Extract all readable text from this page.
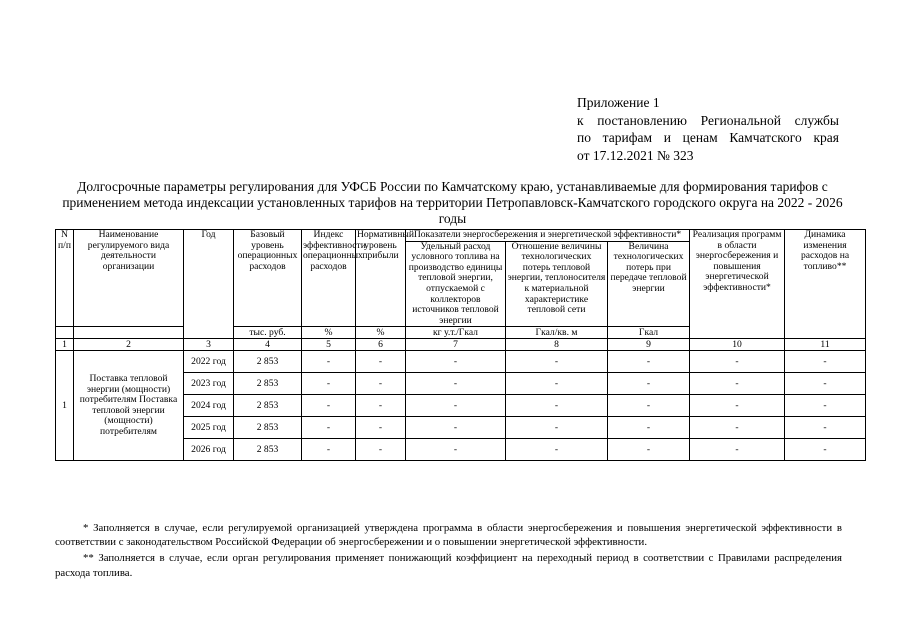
Приложение 1
к постановлению Региональной службы
по тарифам и ценам Камчатского края
от 17.12.2021 № 323
Долгосрочные параметры регулирования для УФСБ России по Камчатскому краю, устанавливаемые для формирования тарифов с применением метода индексации установленных тарифов на территории Петропавловск-Камчатского городского округа на 2022 - 2026 годы
N п/п	Наименование регулируемого вида деятельности организации	Год	Базовый уровень операционных расходов	Индекс эффективности операционных расходов	Нормативный уровень прибыли	Показатели энергосбережения и энергетической эффективности*			Реализация программ в области энергосбережения и повышения энергетической эффективности*	Динамика изменения расходов на топливо**
						Удельный расход условного топлива на производство единицы тепловой энергии, отпускаемой с коллекторов источников тепловой энергии	Отношение величины технологических потерь тепловой энергии, теплоносителя к материальной характеристике тепловой сети	Величина технологических потерь при передаче тепловой энергии		
			тыс. руб.	%	%	кг у.т./Гкал	Гкал/кв. м	Гкал		
1	2	3	4	5	6	7	8	9	10	11
1	Поставка тепловой энергии (мощности) потребителям Поставка тепловой энергии (мощности) потребителям	2022 год	2 853	-	-	-	-	-	-	-
		2023 год	2 853	-	-	-	-	-	-	-
		2024 год	2 853	-	-	-	-	-	-	-
		2025 год	2 853	-	-	-	-	-	-	-
		2026 год	2 853	-	-	-	-	-	-	-

* Заполняется в случае, если регулируемой организацией утверждена программа в области энергосбережения и повышения энергетической эффективности в соответствии с законодательством Российской Федерации об энергосбережении и о повышении энергетической эффективности.

** Заполняется в случае, если орган регулирования применяет понижающий коэффициент на переходный период в соответствии с Правилами распределения расхода топлива.
